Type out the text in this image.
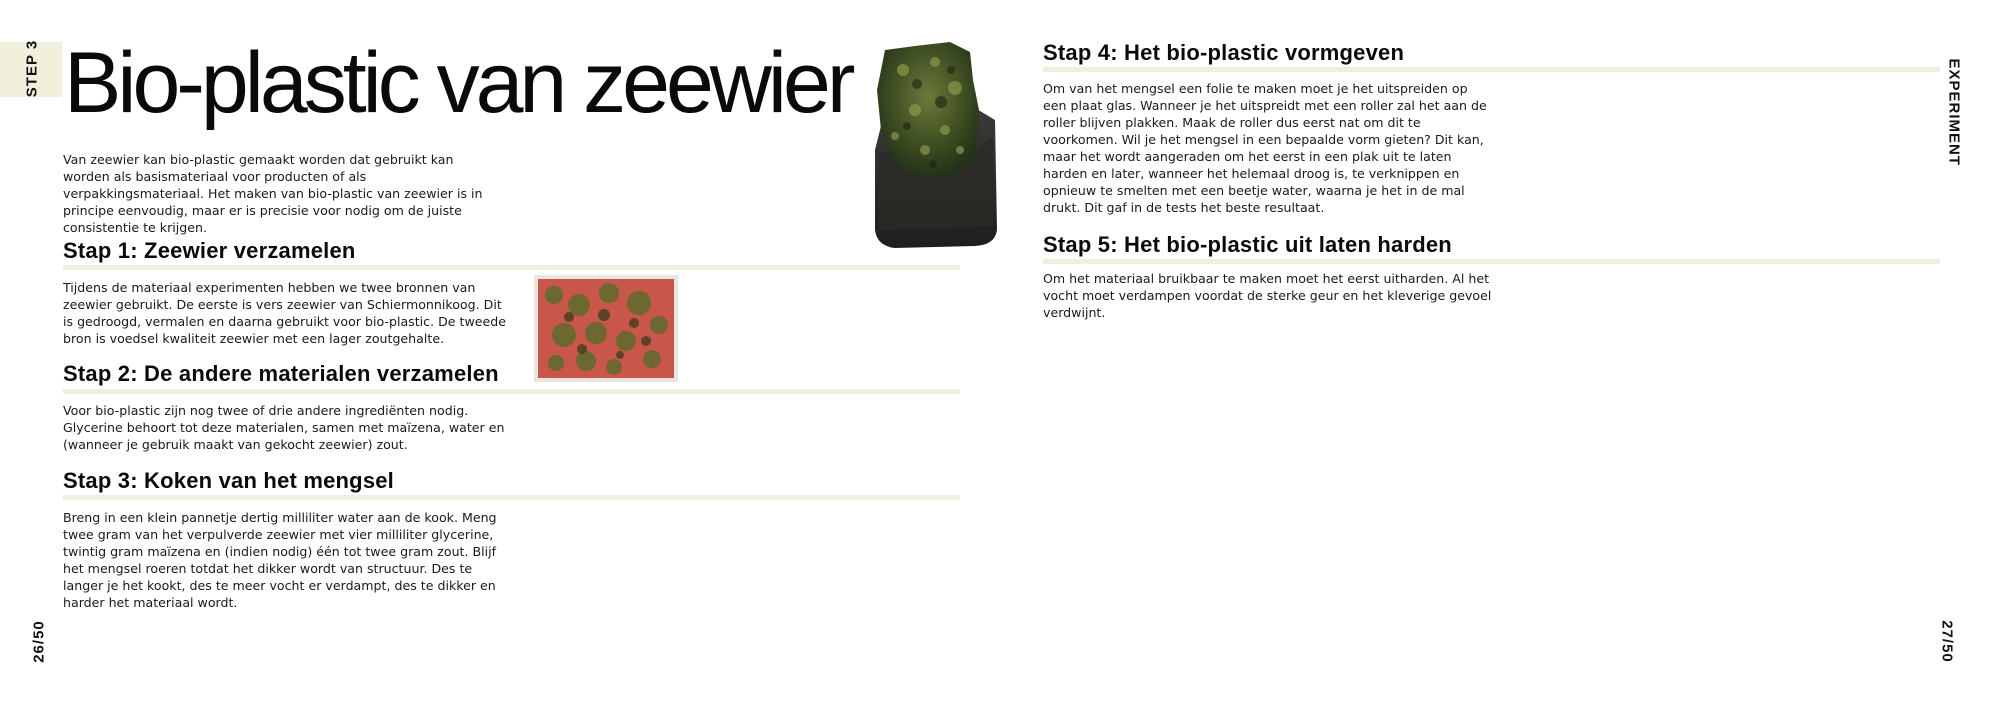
STEP 3 Bio-plastic van zeewier

Van zeewier kan bio-plastic gemaakt worden dat gebruikt kan worden als basismateriaal voor producten of als verpakkingsmateriaal. Het maken van bio-plastic van zeewier is in principe eenvoudig, maar er is precisie voor nodig om de juiste consistentie te krijgen.

Stap 1: Zeewier verzamelen

Tijdens de materiaal experimenten hebben we twee bronnen van zeewier gebruikt. De eerste is vers zeewier van Schiermonnikoog. Dit is gedroogd, vermalen en daarna gebruikt voor bio-plastic. De tweede bron is voedsel kwaliteit zeewier met een lager zoutgehalte.

Stap 2: De andere materialen verzamelen

Voor bio-plastic zijn nog twee of drie andere ingrediënten nodig. Glycerine behoort tot deze materialen, samen met maïzena, water en (wanneer je gebruik maakt van gekocht zeewier) zout.

Stap 3: Koken van het mengsel

Breng in een klein pannetje dertig milliliter water aan de kook. Meng twee gram van het verpulverde zeewier met vier milliliter glycerine, twintig gram maïzena en (indien nodig) één tot twee gram zout. Blijf het mengsel roeren totdat het dikker wordt van structuur. Des te langer je het kookt, des te meer vocht er verdampt, des te dikker en harder het materiaal wordt.

26/50
Stap 4: Het bio-plastic vormgeven

Om van het mengsel een folie te maken moet je het uitspreiden op een plaat glas. Wanneer je het uitspreidt met een roller zal het aan de roller blijven plakken. Maak de roller dus eerst nat om dit te voorkomen. Wil je het mengsel in een bepaalde vorm gieten? Dit kan, maar het wordt aangeraden om het eerst in een plak uit te laten harden en later, wanneer het helemaal droog is, te verknippen en opnieuw te smelten met een beetje water, waarna je het in de mal drukt. Dit gaf in de tests het beste resultaat.

Stap 5: Het bio-plastic uit laten harden

Om het materiaal bruikbaar te maken moet het eerst uitharden. Al het vocht moet verdampen voordat de sterke geur en het kleverige gevoel verdwijnt.

EXPERIMENT
27/50
